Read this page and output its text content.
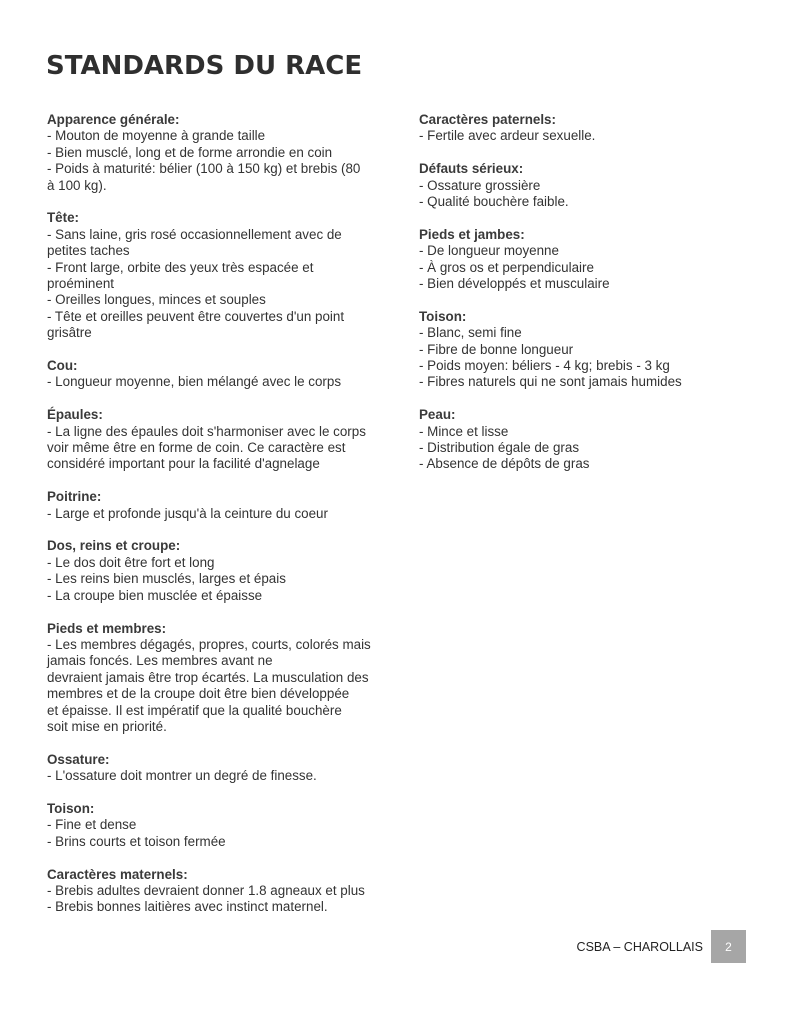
STANDARDS DU RACE

Apparence générale:

- Mouton de moyenne à grande taille
- Bien musclé, long et de forme arrondie en coin
- Poids à maturité: bélier (100 à 150 kg) et brebis (80
à 100 kg).

Tête:

- Sans laine, gris rosé occasionnellement avec de
petites taches
- Front large, orbite des yeux très espacée et
proéminent
- Oreilles longues, minces et souples
- Tête et oreilles peuvent être couvertes d'un point
grisâtre

Cou:

- Longueur moyenne, bien mélangé avec le corps

Épaules:

- La ligne des épaules doit s'harmoniser avec le corps
voir même être en forme de coin. Ce caractère est
considéré important pour la facilité d'agnelage

Poitrine:

- Large et profonde jusqu'à la ceinture du coeur

Dos, reins et croupe:

- Le dos doit être fort et long
- Les reins bien musclés, larges et épais
- La croupe bien musclée et épaisse

Pieds et membres:

- Les membres dégagés, propres, courts, colorés mais
jamais foncés. Les membres avant ne
devraient jamais être trop écartés. La musculation des
membres et de la croupe doit être bien développée
et épaisse. Il est impératif que la qualité bouchère
soit mise en priorité.

Ossature:

- L'ossature doit montrer un degré de finesse.

Toison:

- Fine et dense
- Brins courts et toison fermée

Caractères maternels:

- Brebis adultes devraient donner 1.8 agneaux et plus
- Brebis bonnes laitières avec instinct maternel.

Caractères paternels:

- Fertile avec ardeur sexuelle.

Défauts sérieux:

- Ossature grossière
- Qualité bouchère faible.

Pieds et jambes:

- De longueur moyenne
- À gros os et perpendiculaire
- Bien développés et musculaire

Toison:

- Blanc, semi fine
- Fibre de bonne longueur
- Poids moyen: béliers - 4 kg; brebis - 3 kg
- Fibres naturels qui ne sont jamais humides

Peau:

- Mince et lisse
- Distribution égale de gras
- Absence de dépôts de gras

CSBA – CHAROLLAIS	2
